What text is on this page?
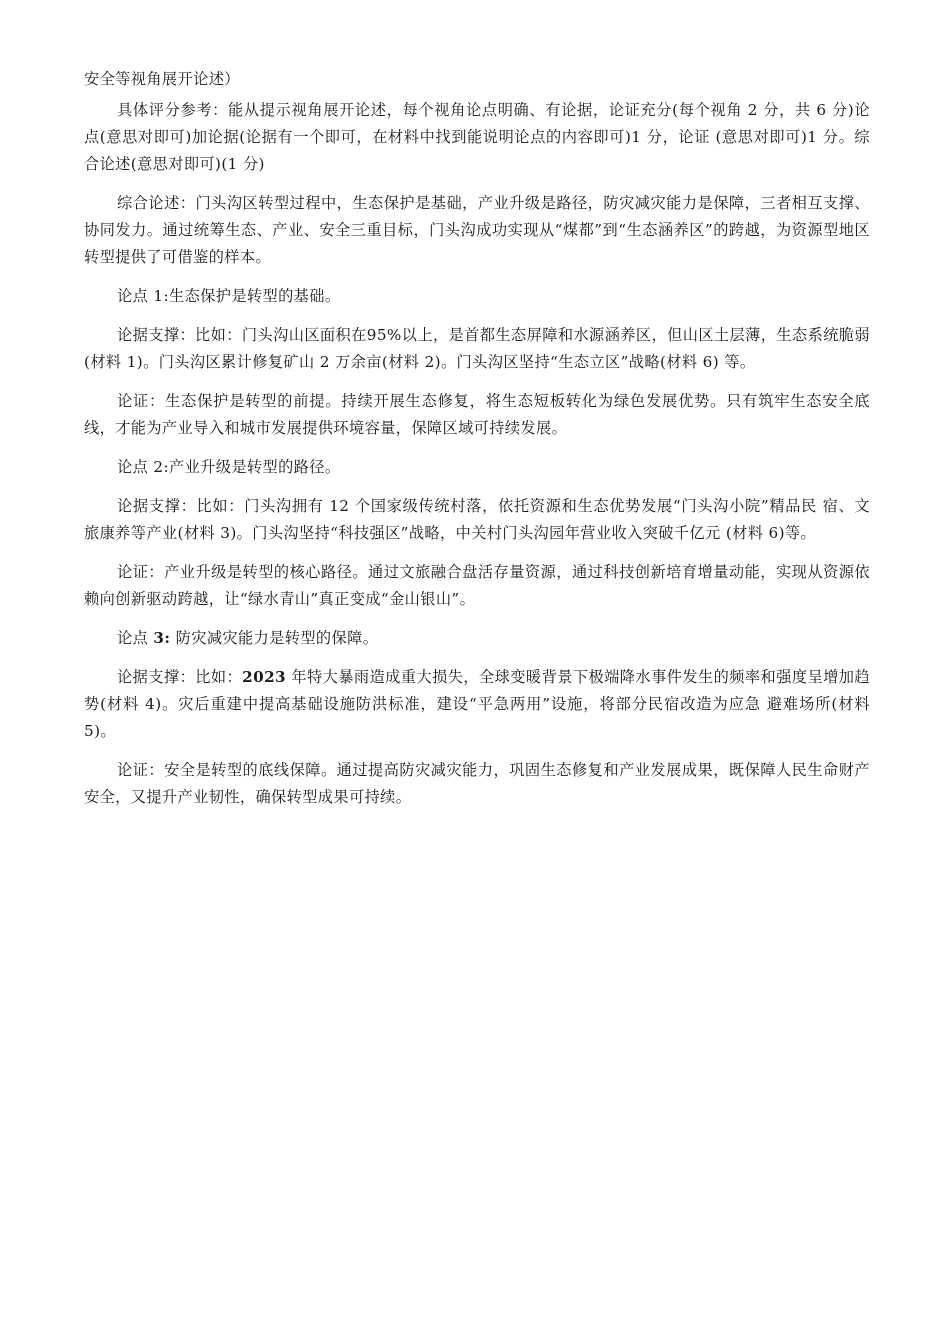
安全等视角展开论述）

具体评分参考：能从提示视角展开论述，每个视角论点明确、有论据，论证充分(每个视角 2 分，共 6 分)论点(意思对即可)加论据(论据有一个即可，在材料中找到能说明论点的内容即可)1 分，论证 (意思对即可)1 分。综合论述(意思对即可)(1 分)

综合论述：门头沟区转型过程中，生态保护是基础，产业升级是路径，防灾减灾能力是保障，三者相互支撑、协同发力。通过统筹生态、产业、安全三重目标，门头沟成功实现从“煤都”到“生态涵养区”的跨越，为资源型地区转型提供了可借鉴的样本。

论点 1:生态保护是转型的基础。

论据支撑：比如：门头沟山区面积在95%以上，是首都生态屏障和水源涵养区，但山区土层薄，生态系统脆弱(材料 1)。门头沟区累计修复矿山 2 万余亩(材料 2)。门头沟区坚持“生态立区”战略(材料 6) 等。

论证：生态保护是转型的前提。持续开展生态修复，将生态短板转化为绿色发展优势。只有筑牢生态安全底线，才能为产业导入和城市发展提供环境容量，保障区域可持续发展。

论点 2:产业升级是转型的路径。

论据支撑：比如：门头沟拥有 12 个国家级传统村落，依托资源和生态优势发展“门头沟小院”精品民 宿、文旅康养等产业(材料 3)。门头沟坚持“科技强区”战略，中关村门头沟园年营业收入突破千亿元 (材料 6)等。

论证：产业升级是转型的核心路径。通过文旅融合盘活存量资源，通过科技创新培育增量动能，实现从资源依赖向创新驱动跨越，让“绿水青山”真正变成“金山银山”。

论点 3: 防灾减灾能力是转型的保障。

论据支撑：比如：2023 年特大暴雨造成重大损失，全球变暖背景下极端降水事件发生的频率和强度呈增加趋势(材料 4)。灾后重建中提高基础设施防洪标准，建设“平急两用”设施，将部分民宿改造为应急 避难场所(材料 5)。

论证：安全是转型的底线保障。通过提高防灾减灾能力，巩固生态修复和产业发展成果，既保障人民生命财产安全，又提升产业韧性，确保转型成果可持续。
